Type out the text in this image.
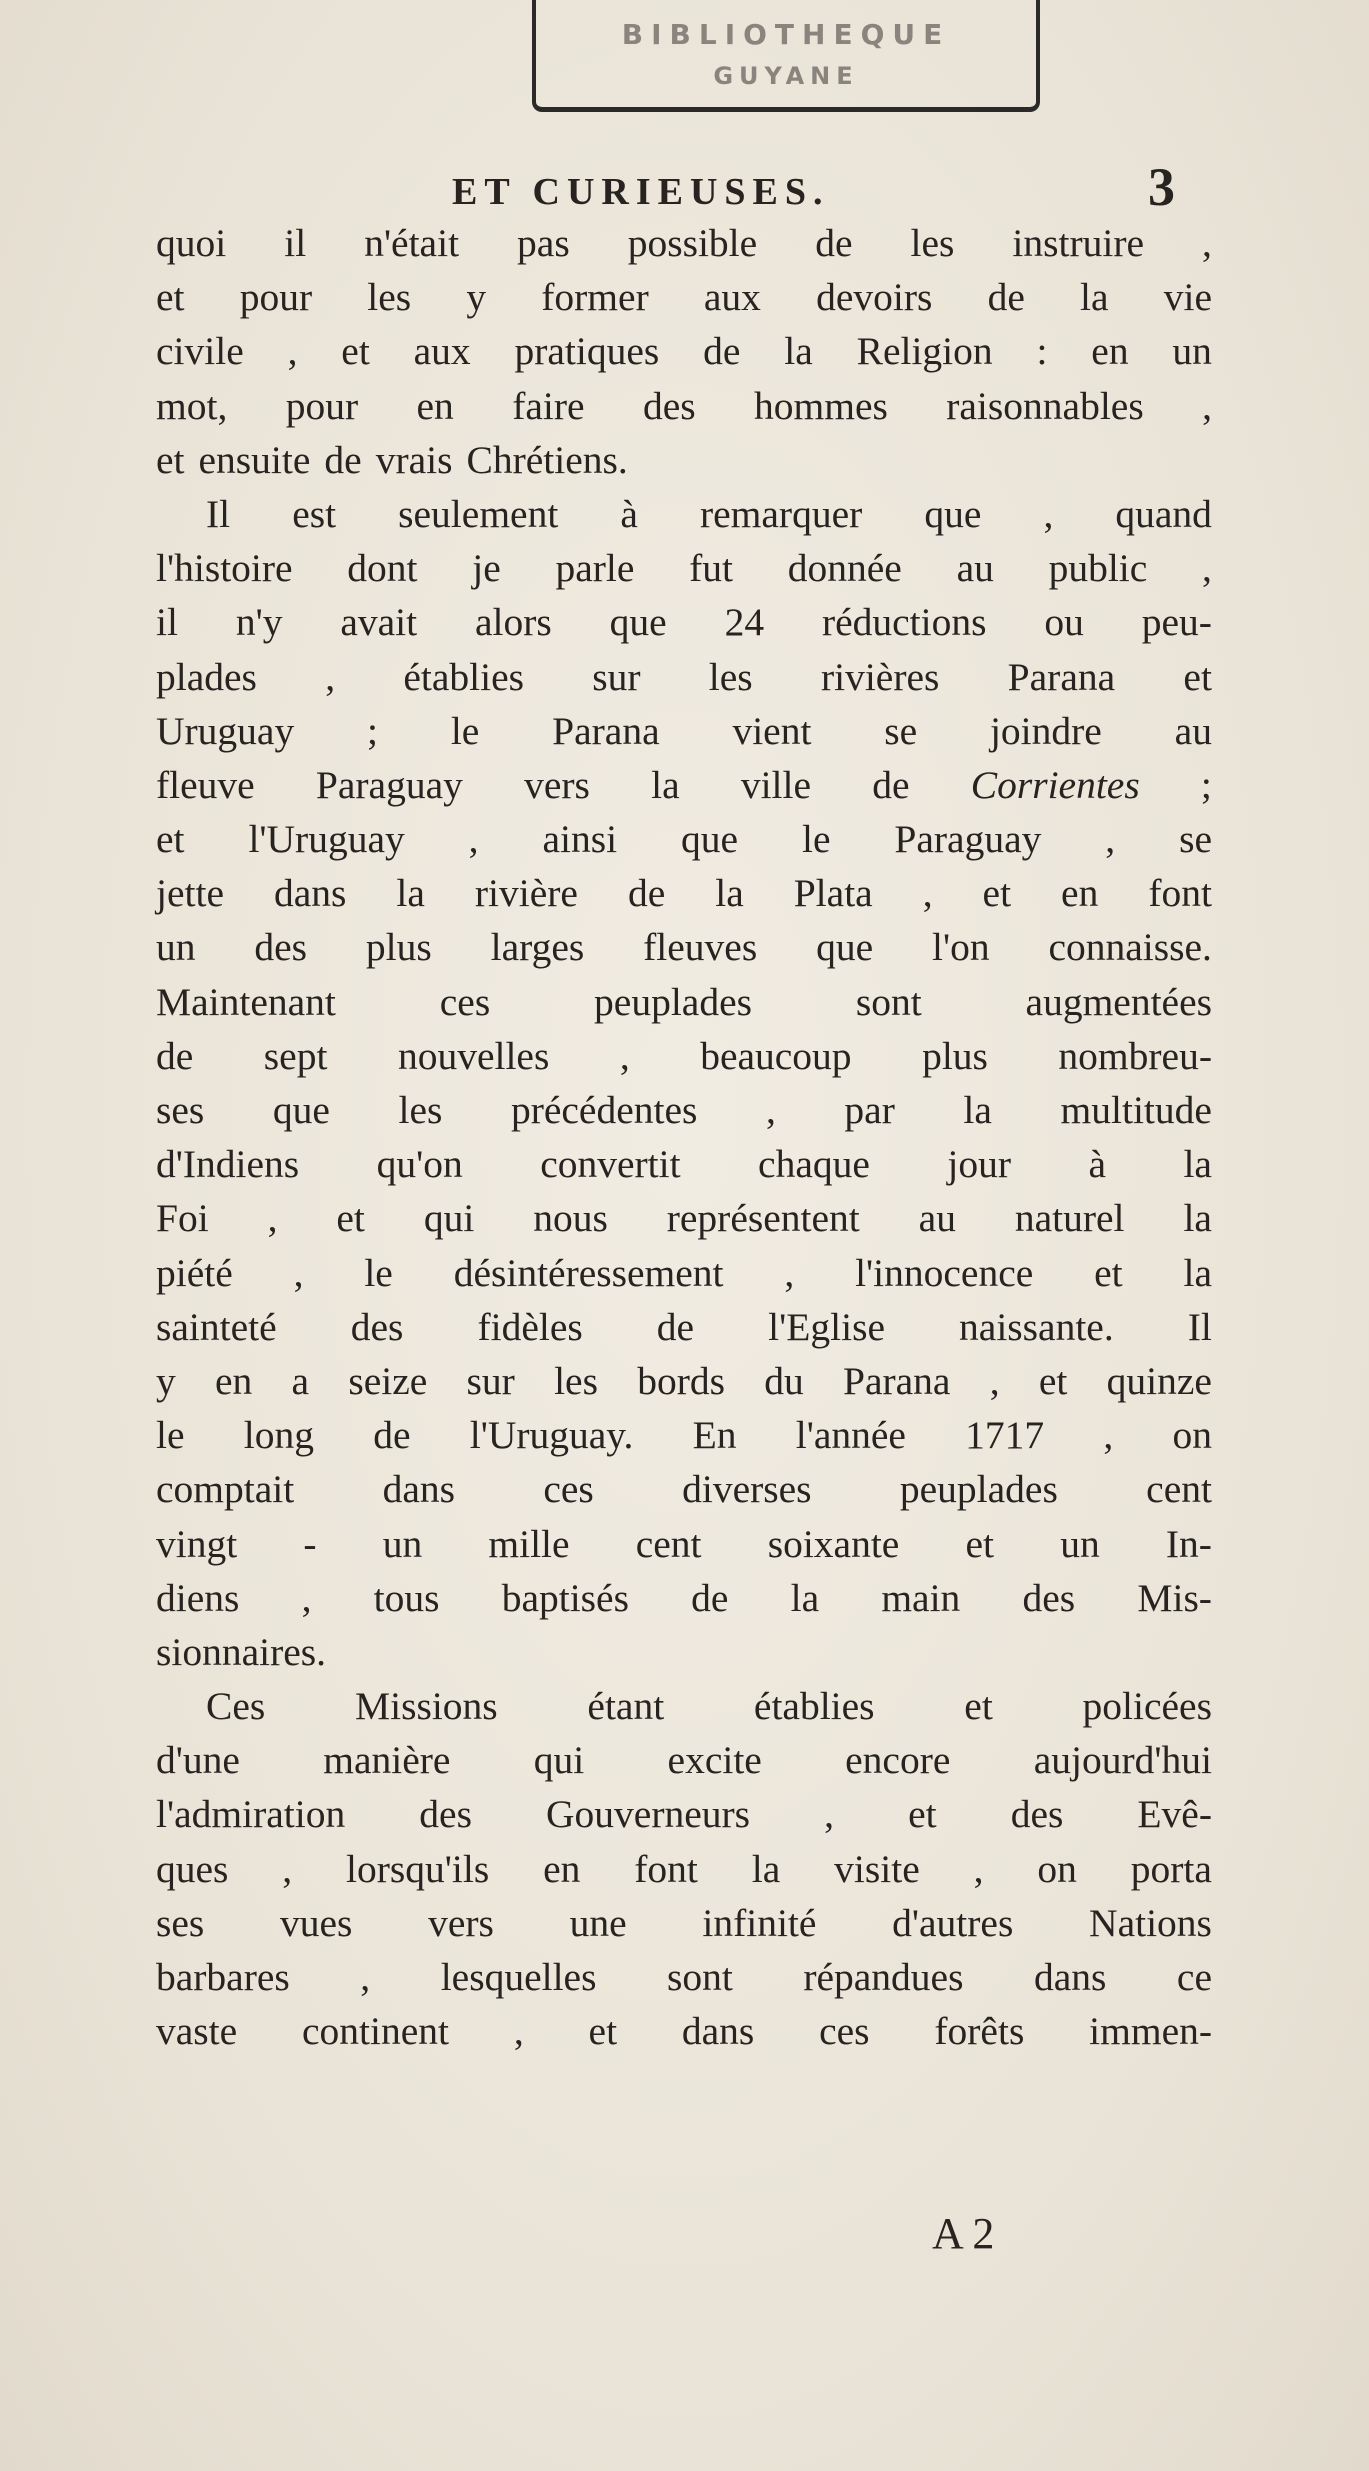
BIBLIOTHEQUE
GUYANE
ET CURIEUSES.	3
quoi il n'était pas possible de les instruire ,
et pour les y former aux devoirs de la vie
civile , et aux pratiques de la Religion : en un
mot, pour en faire des hommes raisonnables ,
et ensuite de vrais Chrétiens.
Il est seulement à remarquer que , quand
l'histoire dont je parle fut donnée au public ,
il n'y avait alors que 24 réductions ou peu-
plades , établies sur les rivières Parana et
Uruguay ; le Parana vient se joindre au
fleuve Paraguay vers la ville de Corrientes ;
et l'Uruguay , ainsi que le Paraguay , se
jette dans la rivière de la Plata , et en font
un des plus larges fleuves que l'on connaisse.
Maintenant	ces	peuplades	sont	augmentées
de sept nouvelles , beaucoup plus nombreu-
ses que les précédentes , par la multitude
d'Indiens qu'on convertit chaque jour à la
Foi , et qui nous représentent au naturel la
piété , le désintéressement , l'innocence et la
sainteté des fidèles de l'Eglise naissante. Il
y en a seize sur les bords du Parana , et quinze
le long de l'Uruguay. En l'année 1717 , on
comptait dans ces diverses peuplades cent
vingt - un mille cent soixante et un In-
diens , tous baptisés de la main des Mis-
sionnaires.
Ces Missions étant établies et policées
d'une manière qui excite encore aujourd'hui
l'admiration des Gouverneurs , et des Evê-
ques , lorsqu'ils en font la visite , on porta
ses vues vers une infinité d'autres Nations
barbares , lesquelles sont répandues dans ce
vaste continent , et dans ces forêts immen-
A 2
